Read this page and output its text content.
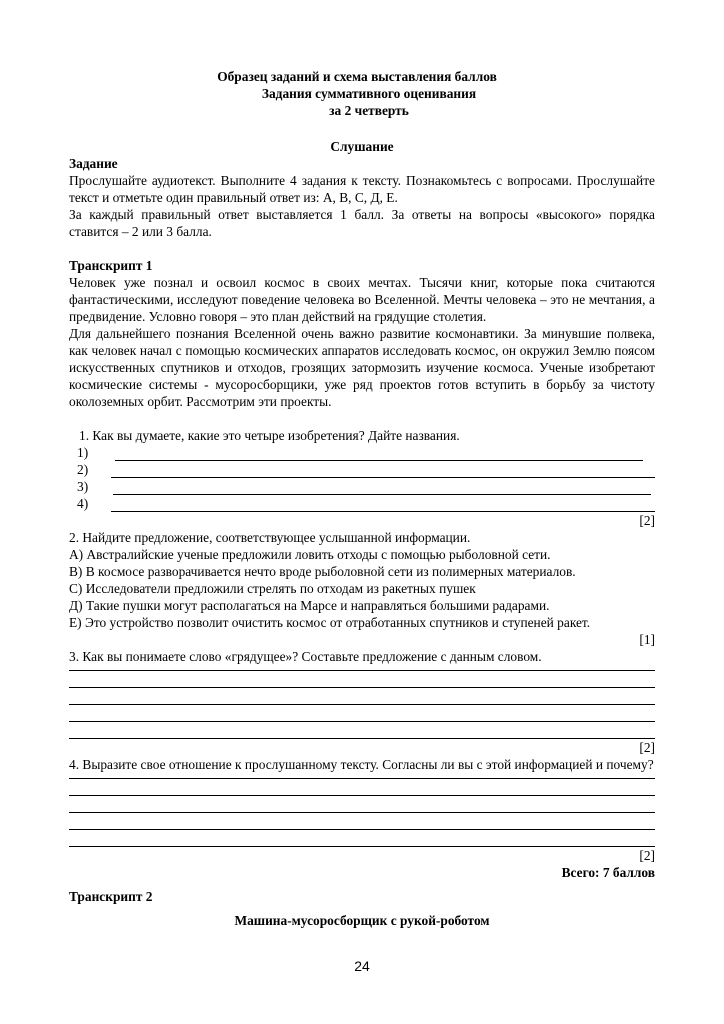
Образец заданий и схема выставления баллов
Задания суммативного оценивания
за 2 четверть
Слушание
Задание
Прослушайте аудиотекст. Выполните 4 задания к тексту. Познакомьтесь с вопросами. Прослушайте текст и отметьте один правильный ответ из: А, В, С, Д, Е.
За каждый правильный ответ выставляется 1 балл. За ответы на вопросы «высокого» порядка ставится – 2 или 3 балла.
Транскрипт 1
Человек уже познал и освоил космос в своих мечтах. Тысячи книг, которые пока считаются фантастическими, исследуют поведение человека во Вселенной. Мечты человека – это не мечтания, а предвидение. Условно говоря – это план действий на грядущие столетия.
Для дальнейшего познания Вселенной очень важно развитие космонавтики. За минувшие полвека, как человек начал с помощью космических аппаратов исследовать космос, он окружил Землю поясом искусственных спутников и отходов, грозящих затормозить изучение космоса. Ученые изобретают космические системы - мусоросборщики, уже ряд проектов готов вступить в борьбу за чистоту околоземных орбит. Рассмотрим эти проекты.
1. Как вы думаете, какие это четыре изобретения? Дайте названия.
1)
2)
3)
4)
[2]
2. Найдите предложение, соответствующее услышанной информации.
А) Австралийские ученые предложили ловить отходы с помощью рыболовной сети.
В) В космосе разворачивается нечто вроде рыболовной сети из полимерных материалов.
С) Исследователи предложили стрелять по отходам из ракетных пушек
Д) Такие пушки могут располагаться на Марсе и направляться большими радарами.
Е) Это устройство позволит очистить космос от отработанных спутников и ступеней ракет.
[1]
3. Как вы понимаете слово «грядущее»? Составьте предложение с данным словом.
[2]
4. Выразите свое отношение к прослушанному тексту. Согласны ли вы с этой информацией и почему?
[2]
Всего: 7 баллов
Транскрипт 2
Машина-мусоросборщик с рукой-роботом
24
